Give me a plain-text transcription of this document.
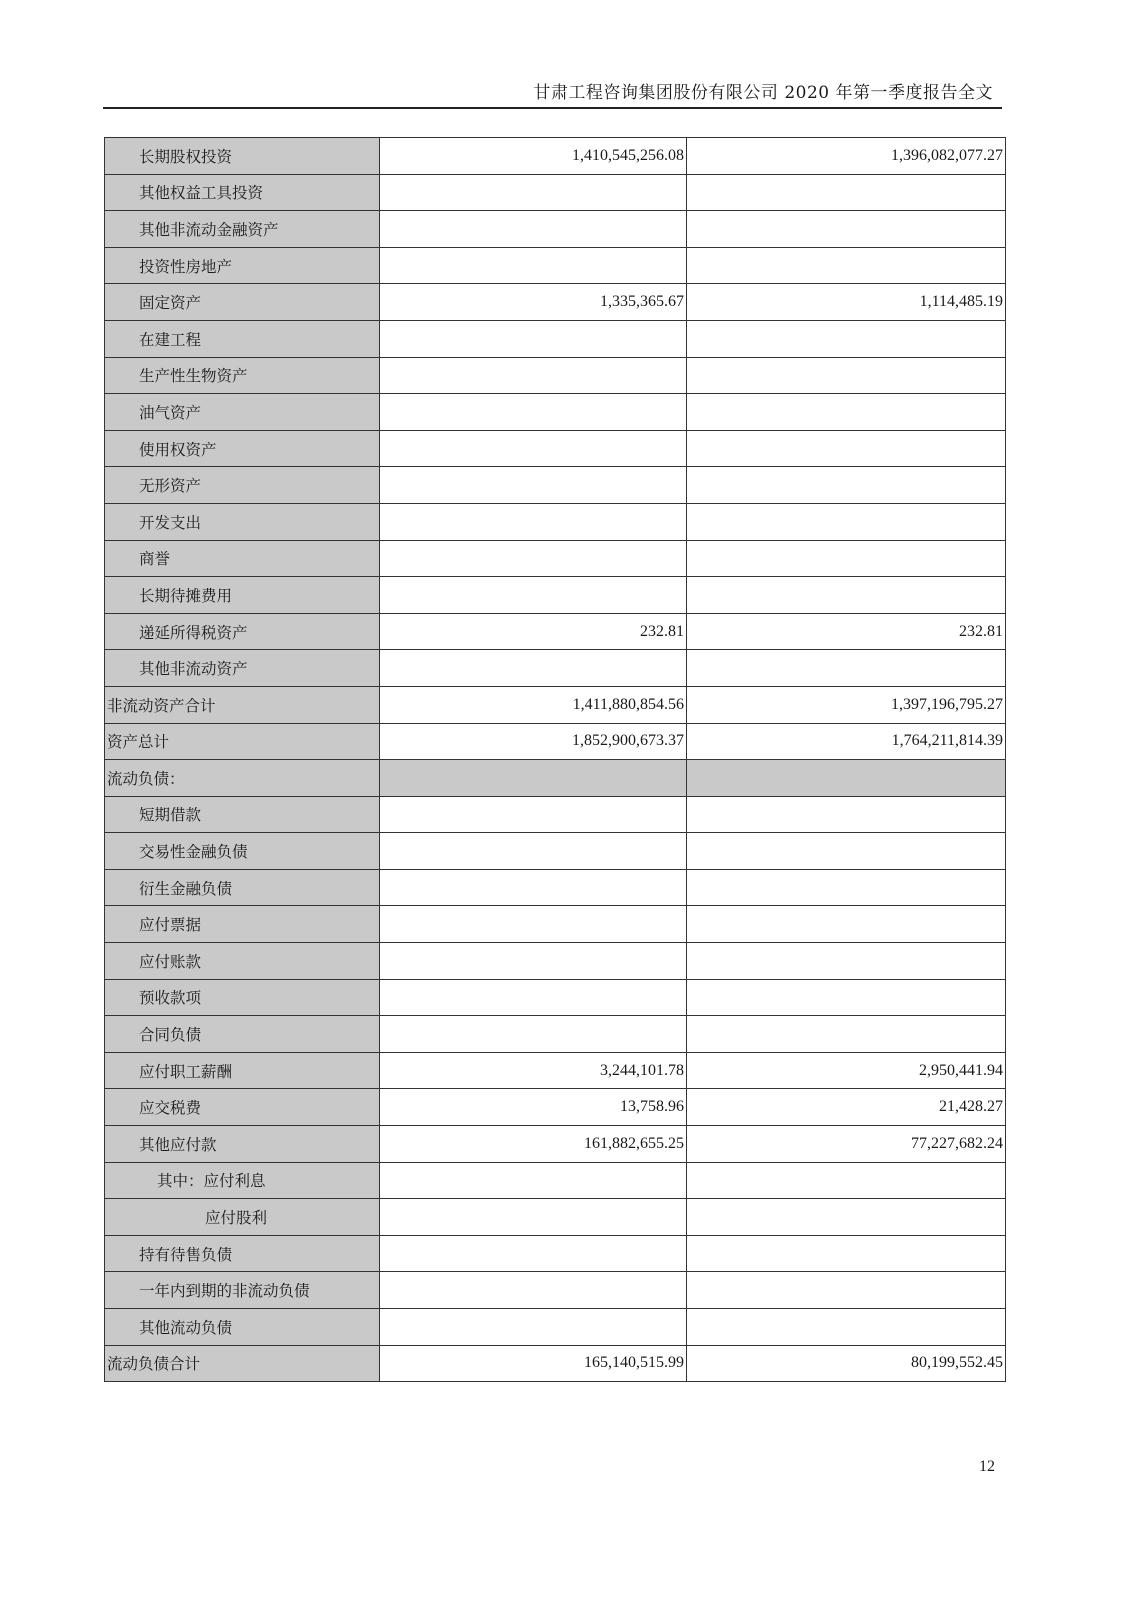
甘肃工程咨询集团股份有限公司 2020 年第一季度报告全文
长期股权投资	1,410,545,256.08	1,396,082,077.27
其他权益工具投资		
其他非流动金融资产		
投资性房地产		
固定资产	1,335,365.67	1,114,485.19
在建工程		
生产性生物资产		
油气资产		
使用权资产		
无形资产		
开发支出		
商誉		
长期待摊费用		
递延所得税资产	232.81	232.81
其他非流动资产		
非流动资产合计	1,411,880,854.56	1,397,196,795.27
资产总计	1,852,900,673.37	1,764,211,814.39
流动负债：		
短期借款		
交易性金融负债		
衍生金融负债		
应付票据		
应付账款		
预收款项		
合同负债		
应付职工薪酬	3,244,101.78	2,950,441.94
应交税费	13,758.96	21,428.27
其他应付款	161,882,655.25	77,227,682.24
其中：应付利息		
应付股利		
持有待售负债		
一年内到期的非流动负债		
其他流动负债		
流动负债合计	165,140,515.99	80,199,552.45
12
